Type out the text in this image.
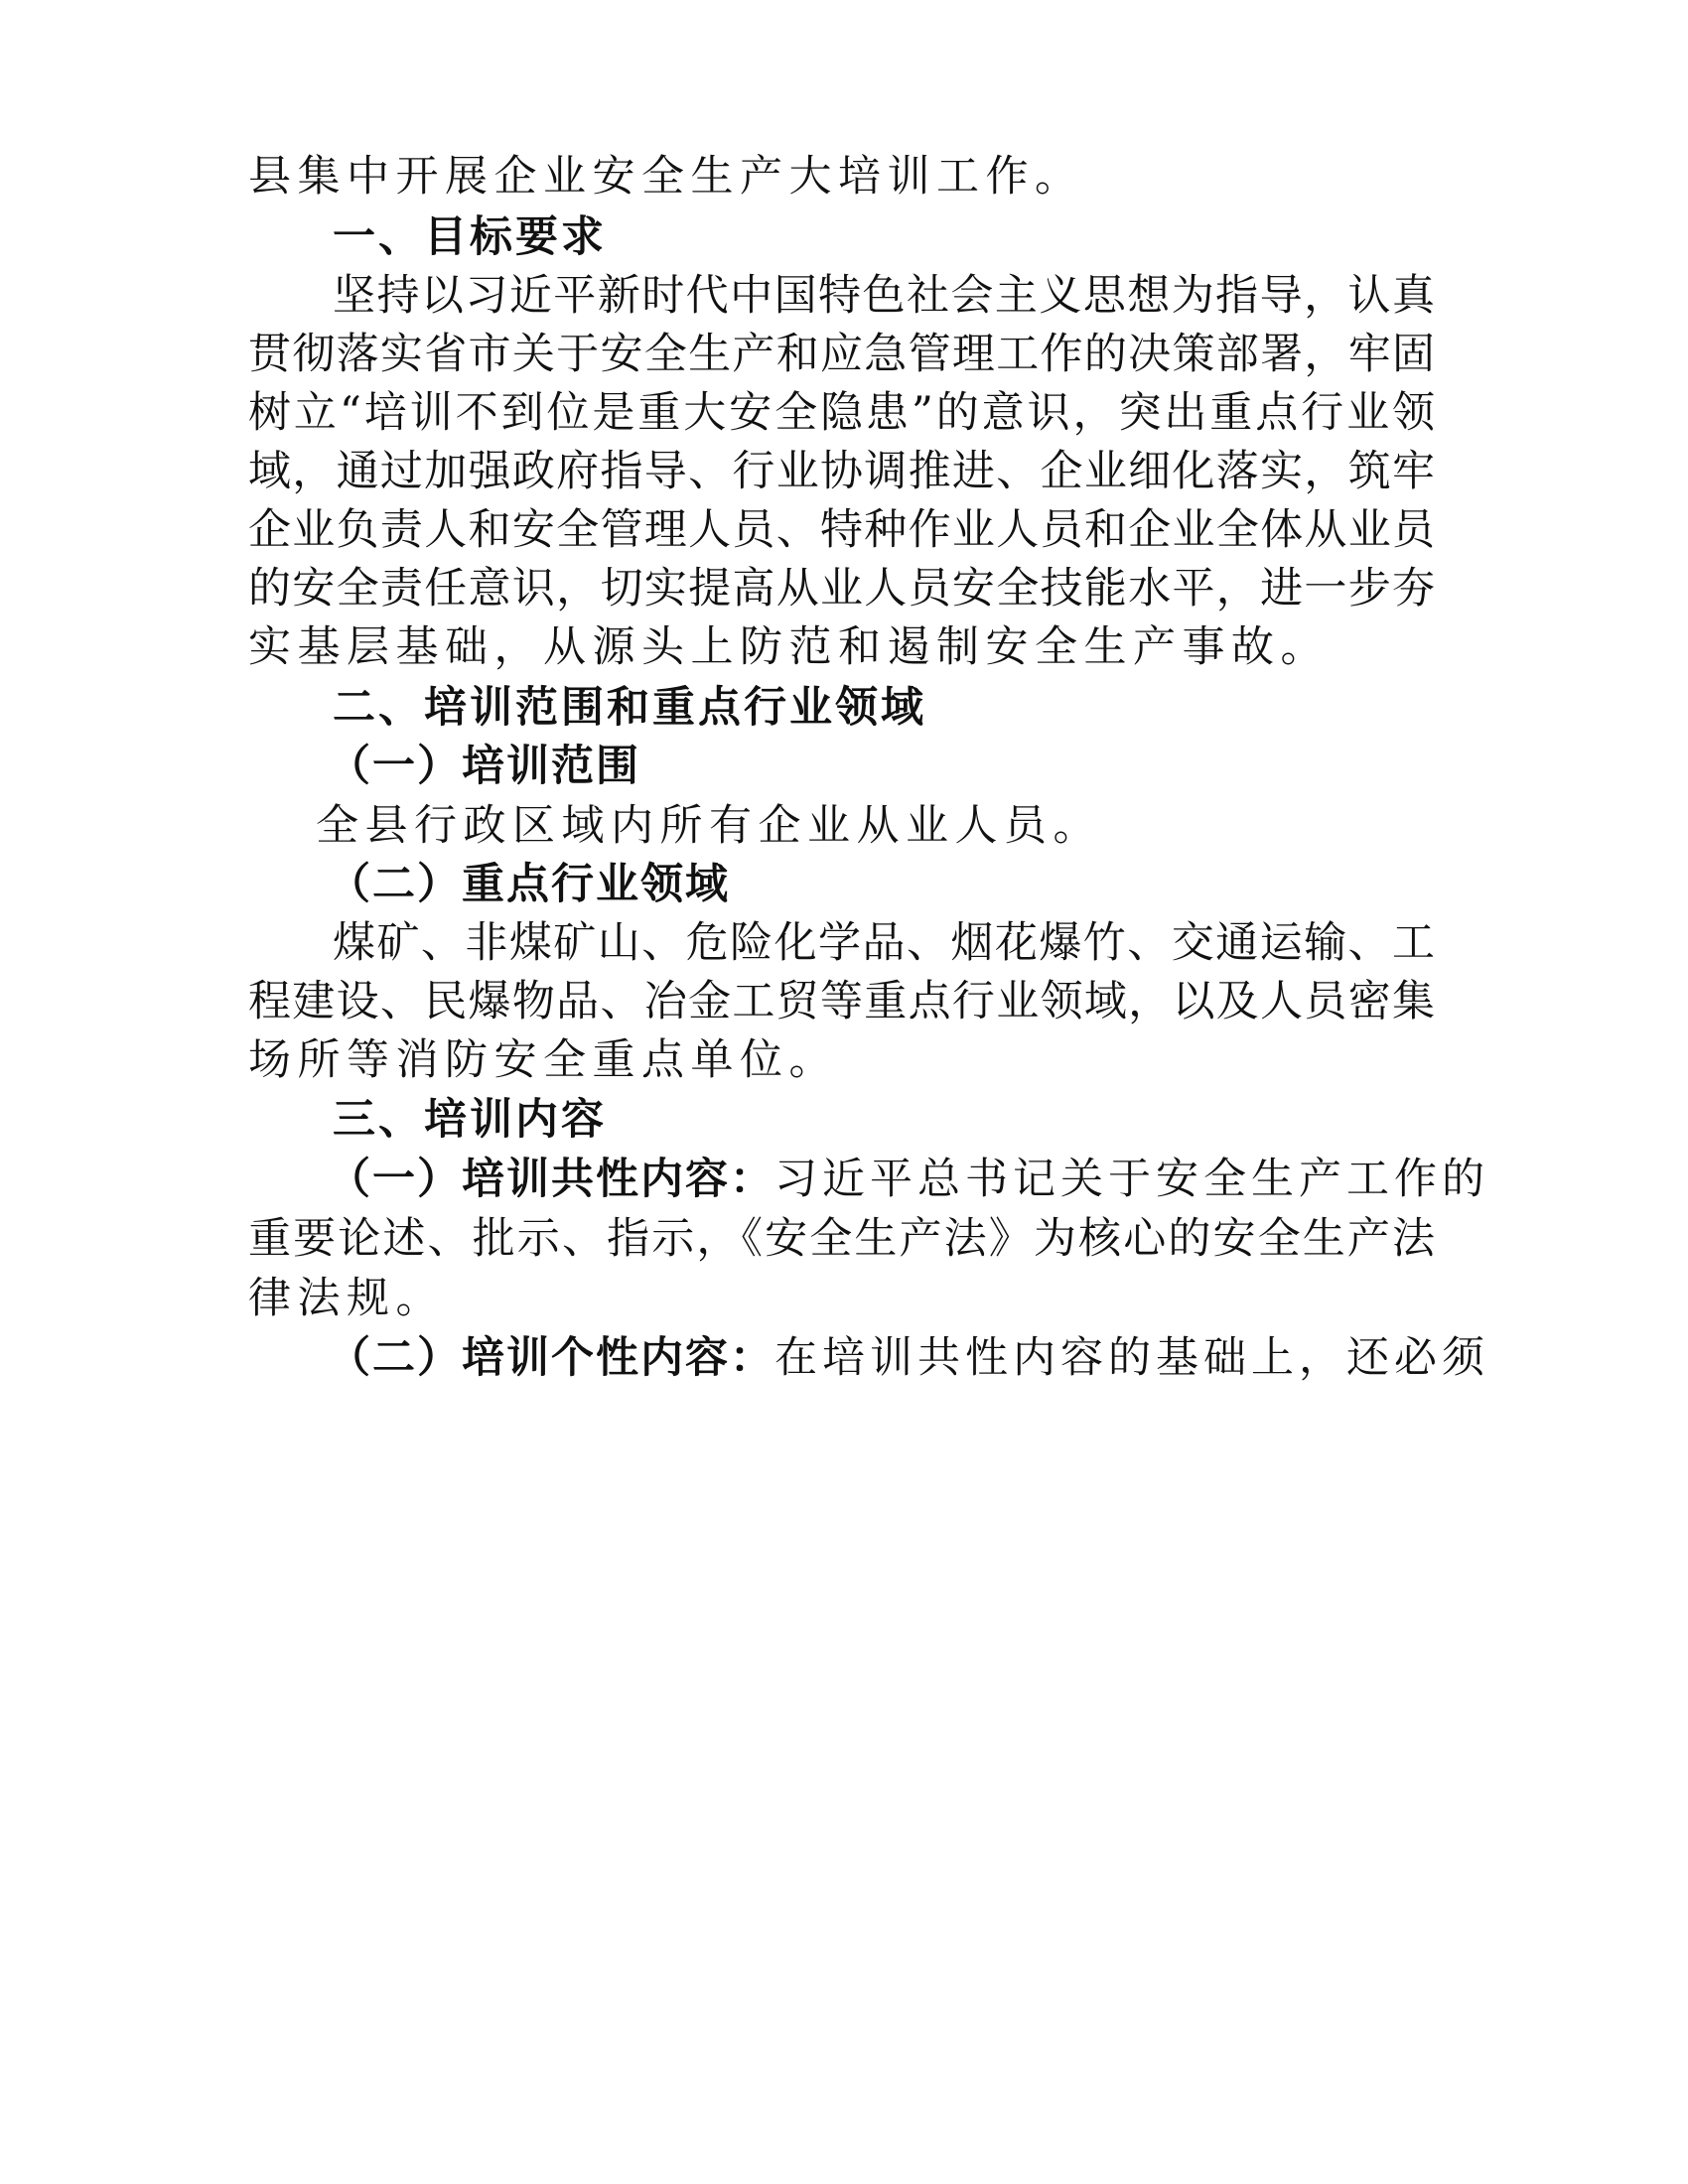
县集中开展企业安全生产大培训工作。

一、目标要求

坚持以习近平新时代中国特色社会主义思想为指导，认真

贯彻落实省市关于安全生产和应急管理工作的决策部署，牢固

树立“培训不到位是重大安全隐患”的意识，突出重点行业领

域，通过加强政府指导、行业协调推进、企业细化落实，筑牢

企业负责人和安全管理人员、特种作业人员和企业全体从业员

的安全责任意识，切实提高从业人员安全技能水平，进一步夯

实基层基础，从源头上防范和遏制安全生产事故。

二、培训范围和重点行业领域

（一）培训范围

全县行政区域内所有企业从业人员。

（二）重点行业领域

煤矿、非煤矿山、危险化学品、烟花爆竹、交通运输、工

程建设、民爆物品、冶金工贸等重点行业领域，以及人员密集

场所等消防安全重点单位。

三、培训内容

（一）培训共性内容：习近平总书记关于安全生产工作的

重要论述、批示、指示，《安全生产法》为核心的安全生产法

律法规。

（二）培训个性内容：在培训共性内容的基础上，还必须
